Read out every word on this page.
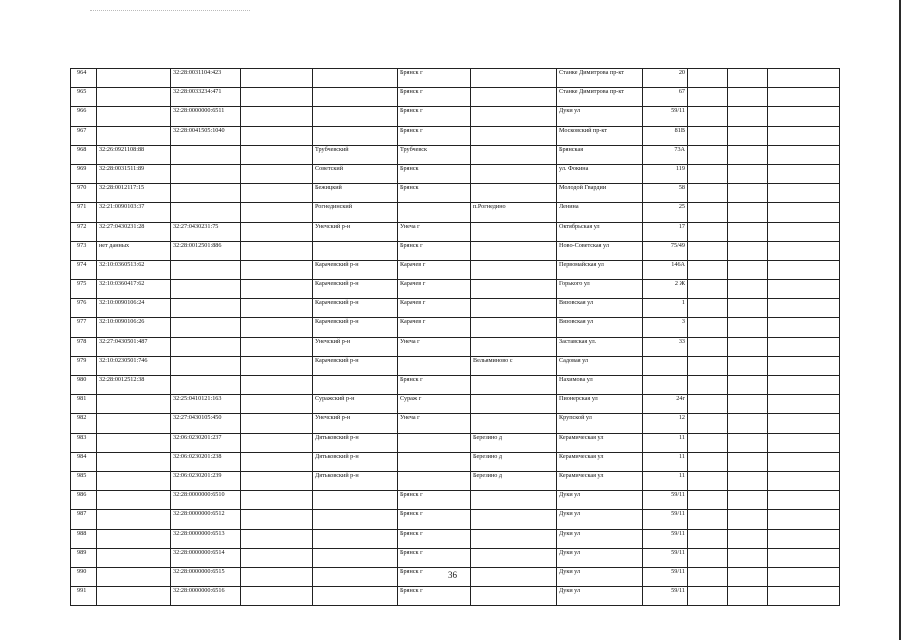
964		32:28:0031104:423			Брянск г		Станке Димитрова пр-кт	20			
965		32:28:0033234:471			Брянск г		Станке Димитрова пр-кт	67			
966		32:28:0000000:6511			Брянск г		Дуки ул	59/11			
967		32:28:0041505:1040			Брянск г		Московский пр-кт	81В			
968	32:26:0921108:88			Трубчевский	Трубчевск		Брянская	73А			
969	32:28:0031511:89			Советский	Брянск		ул. Фокина	119			
970	32:28:0012117:15			Бежицкий	Брянск		Молодой Гвардии	58			
971	32:21:0090103:37			Рогнединский		п.Рогнедино	Ленина	25			
972	32:27:0430231:28	32:27:0430231:75		Унечский р-н	Унеча г		Октябрьская ул	17			
973	нет данных	32:28:0012501:886			Брянск г		Ново-Советская ул	75/49			
974	32:10:0360513:62			Карачевский р-н	Карачев г		Первомайская ул	146А			
975	32:10:0360417:62			Карачевский р-н	Карачев г		Горького ул	2 Ж			
976	32:10:0090106:24			Карачевский р-н	Карачев г		Вязовская ул	1			
977	32:10:0090106:26			Карачевский р-н	Карачев г		Вязовская ул	3			
978	32:27:0430501:487			Унечский р-н	Унеча г		Заставская ул.	33			
979	32:10:0230501:746			Карачевский р-н		Вельяминово с	Садовая ул				
980	32:28:0012512:38				Брянск г		Нахимова ул				
981		32:25:0410121:163		Суражский р-н	Сураж г		Пионерская ул	24г			
982		32:27:0430105:450		Унечский р-н	Унеча г		Крупской ул	12			
983		32:06:0230201:237		Дятьковский р-н		Березино д	Керамическая ул	11			
984		32:06:0230201:238		Дятьковский р-н		Березино д	Керамическая ул	11			
985		32:06:0230201:239		Дятьковский р-н		Березино д	Керамическая ул	11			
986		32:28:0000000:6510			Брянск г		Дуки ул	59/11			
987		32:28:0000000:6512			Брянск г		Дуки ул	59/11			
988		32:28:0000000:6513			Брянск г		Дуки ул	59/11			
989		32:28:0000000:6514			Брянск г		Дуки ул	59/11			
990		32:28:0000000:6515			Брянск г		Дуки ул	59/11			
991		32:28:0000000:6516			Брянск г		Дуки ул	59/11			
36
